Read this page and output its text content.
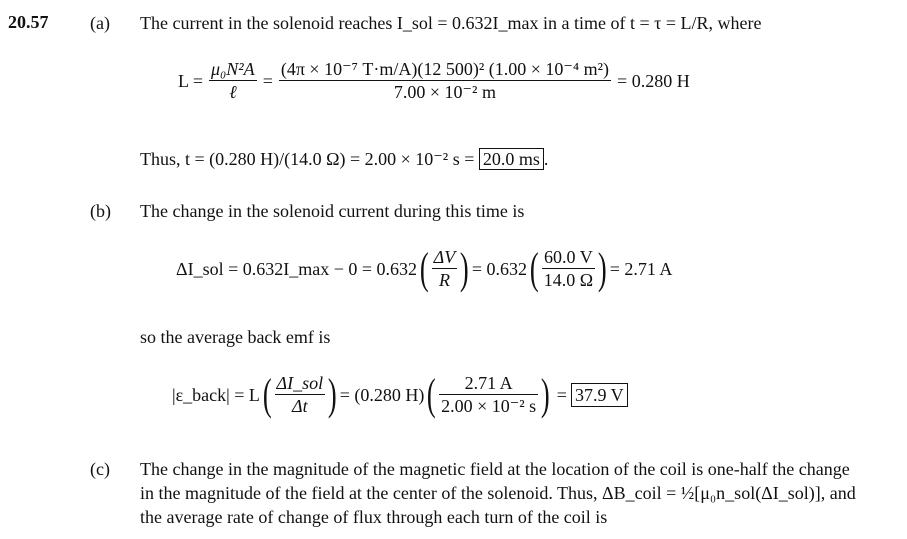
20.57 (a) The current in the solenoid reaches I_sol = 0.632I_max in a time of t = τ = L/R, where
$L = \frac{\text{μ₀N²A}}{\text{ℓ}} = \frac{\text{(4π × 10⁻⁷ T·m/A)(12 500)² (1.00 × 10⁻⁴ m²)}}{\text{7.00 × 10⁻² m}} = 0.280$ H
Thus, t = (0.280 H)/(14.0 Ω) = 2.00 × 10⁻² s = 20.0 ms .
(b) The change in the solenoid current during this time is
ΔI_sol = 0.632I_max − 0 = 0.632 ( $\frac{\Delta V}{R}$ ) = 0.632 ( $\frac{60.0 V}{14.0 \Omega}$ ) = 2.71 A
so the average back emf is
|ε_back| = L ( $\frac{\text{ΔI\_sol}}{\Delta t}$ ) = (0.280 H) ( $\frac{2.71 A}{\text{2.00 × 10⁻² s}}$ ) = 37.9 V
(c) The change in the magnitude of the magnetic field at the location of the coil is one-half the change
in the magnitude of the field at the center of the solenoid. Thus, ΔB_coil = ½[μ₀n_sol(ΔI_sol)], and
the average rate of change of flux through each turn of the coil is
